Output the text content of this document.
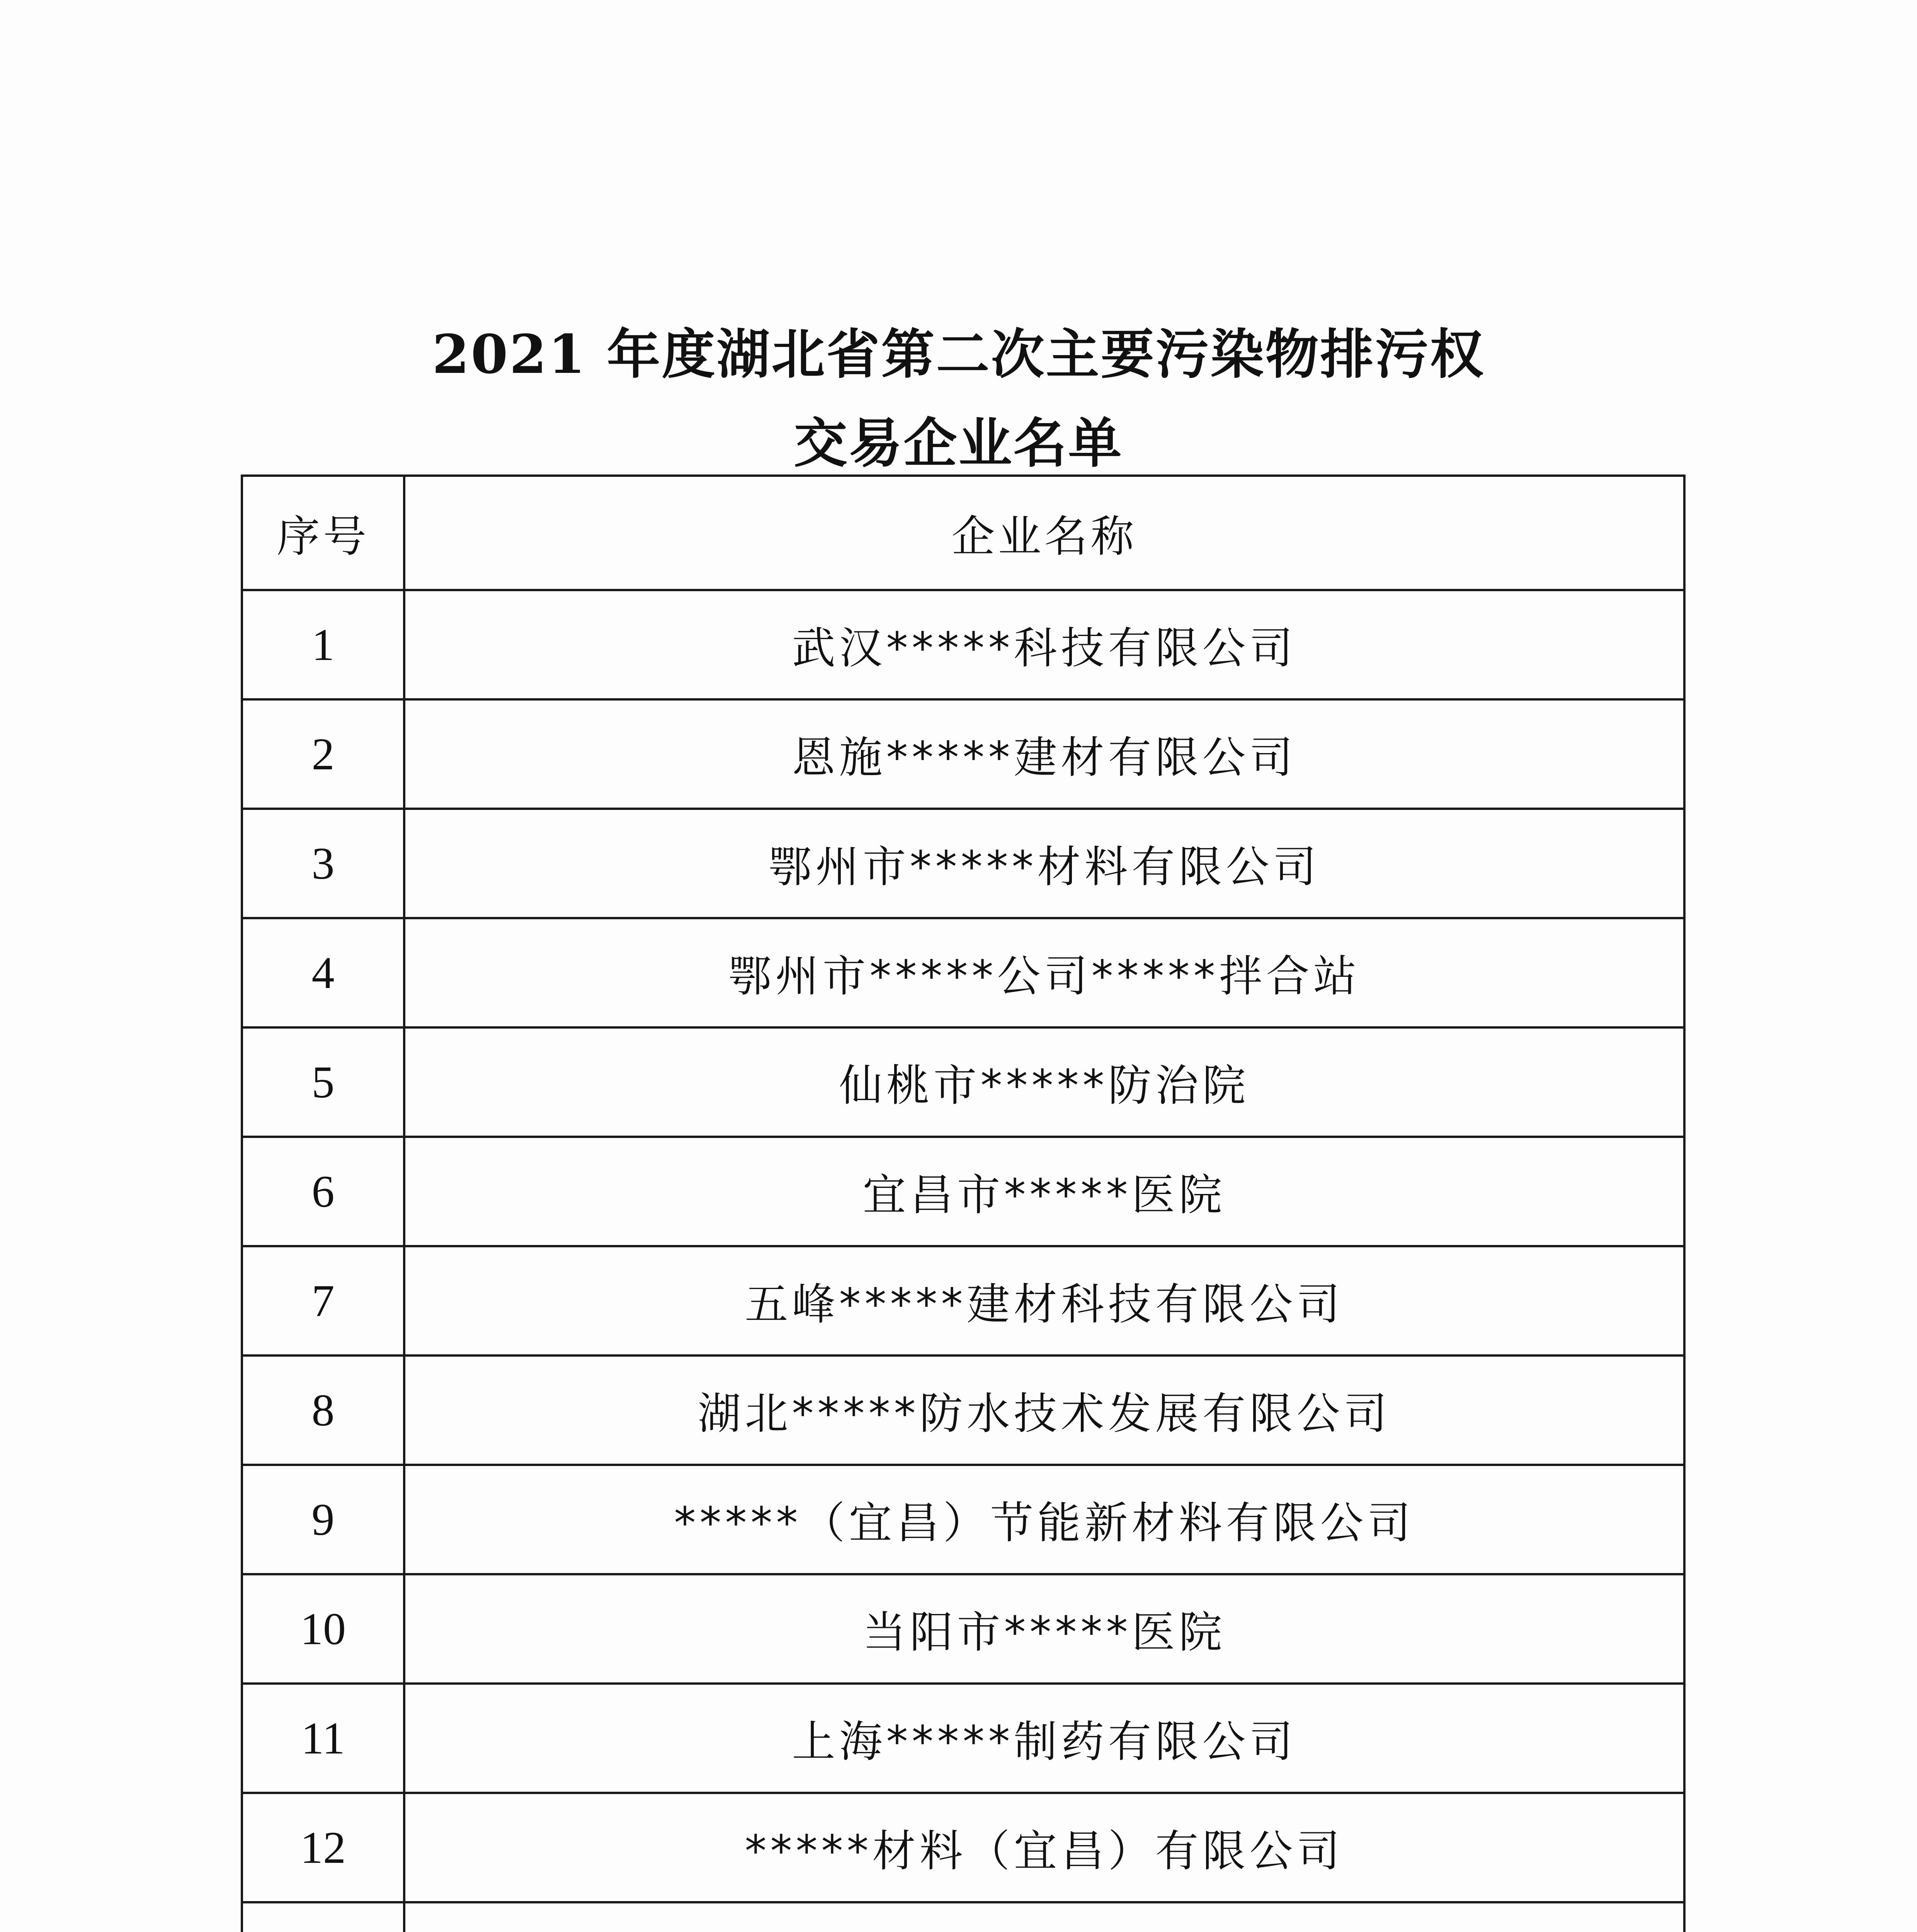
2021 年度湖北省第二次主要污染物排污权
交易企业名单
序号	企业名称
1	武汉*****科技有限公司
2	恩施*****建材有限公司
3	鄂州市*****材料有限公司
4	鄂州市*****公司*****拌合站
5	仙桃市*****防治院
6	宜昌市*****医院
7	五峰*****建材科技有限公司
8	湖北*****防水技术发展有限公司
9	*****（宜昌）节能新材料有限公司
10	当阳市*****医院
11	上海*****制药有限公司
12	*****材料（宜昌）有限公司
